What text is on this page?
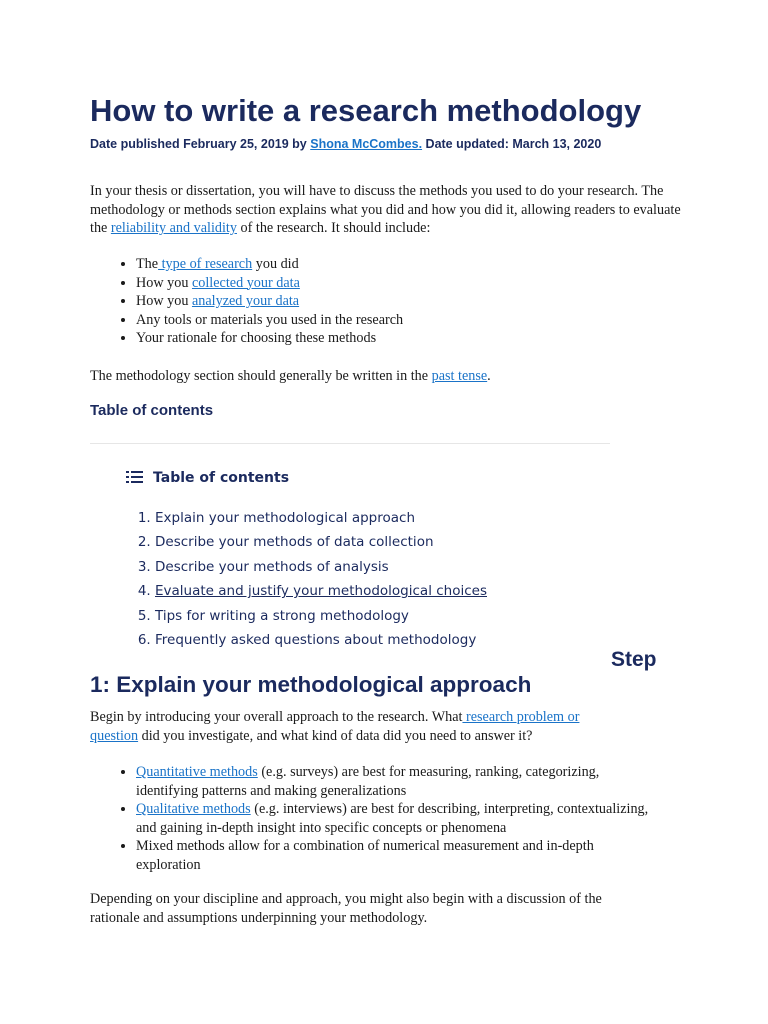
How to write a research methodology
Date published February 25, 2019 by Shona McCombes. Date updated: March 13, 2020

In your thesis or dissertation, you will have to discuss the methods you used to do your research. The methodology or methods section explains what you did and how you did it, allowing readers to evaluate the reliability and validity of the research. It should include:

• The type of research you did
• How you collected your data
• How you analyzed your data
• Any tools or materials you used in the research
• Your rationale for choosing these methods

The methodology section should generally be written in the past tense.

Table of contents
Table of contents
1. Explain your methodological approach
2. Describe your methods of data collection
3. Describe your methods of analysis
4. Evaluate and justify your methodological choices
5. Tips for writing a strong methodology
6. Frequently asked questions about methodology
Step
1: Explain your methodological approach

Begin by introducing your overall approach to the research. What research problem or question did you investigate, and what kind of data did you need to answer it?

• Quantitative methods (e.g. surveys) are best for measuring, ranking, categorizing, identifying patterns and making generalizations
• Qualitative methods (e.g. interviews) are best for describing, interpreting, contextualizing, and gaining in-depth insight into specific concepts or phenomena
• Mixed methods allow for a combination of numerical measurement and in-depth exploration

Depending on your discipline and approach, you might also begin with a discussion of the rationale and assumptions underpinning your methodology.
